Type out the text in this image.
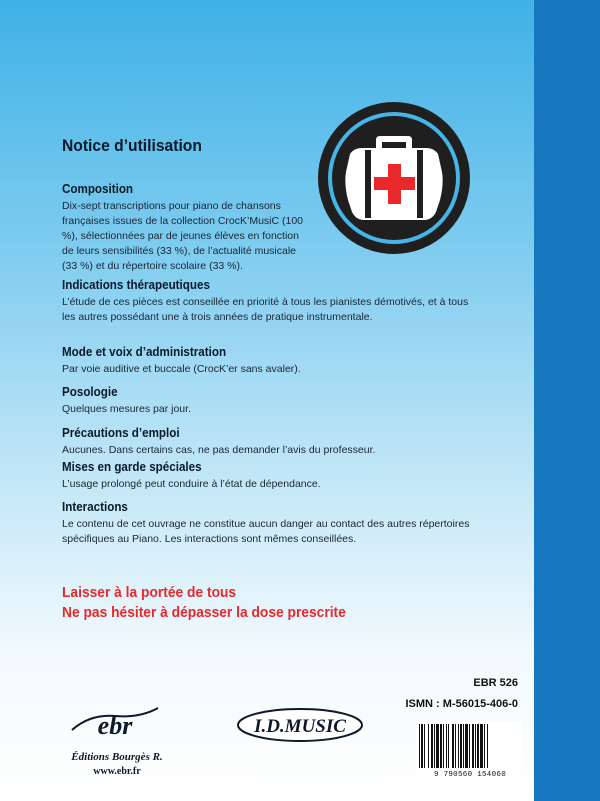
Notice d’utilisation
Composition
Dix-sept transcriptions pour piano de chansons françaises issues de la collection CrocK’MusiC (100 %), sélectionnées par de jeunes élèves en fonction de leurs sensibilités (33 %), de l’actualité musicale (33 %) et du répertoire scolaire (33 %).
Indications thérapeutiques
L’étude de ces pièces est conseillée en priorité à tous les pianistes démotivés, et à tous les autres possédant une à trois années de pratique instrumentale.
Mode et voix d’administration
Par voie auditive et buccale (CrocK’er sans avaler).
Posologie
Quelques mesures par jour.
Précautions d’emploi
Aucunes. Dans certains cas, ne pas demander l’avis du professeur.
Mises en garde spéciales
L’usage prolongé peut conduire à l’état de dépendance.
Interactions
Le contenu de cet ouvrage ne constitue aucun danger au contact des autres répertoires spécifiques au Piano. Les interactions sont mêmes conseillées.
Laisser à la portée de tous
Ne pas hésiter à dépasser la dose prescrite
ebr
Éditions Bourgès R.
www.ebr.fr
I.D.MUSIC
EBR 526
ISMN : M-56015-406-0
9 790560 154060
